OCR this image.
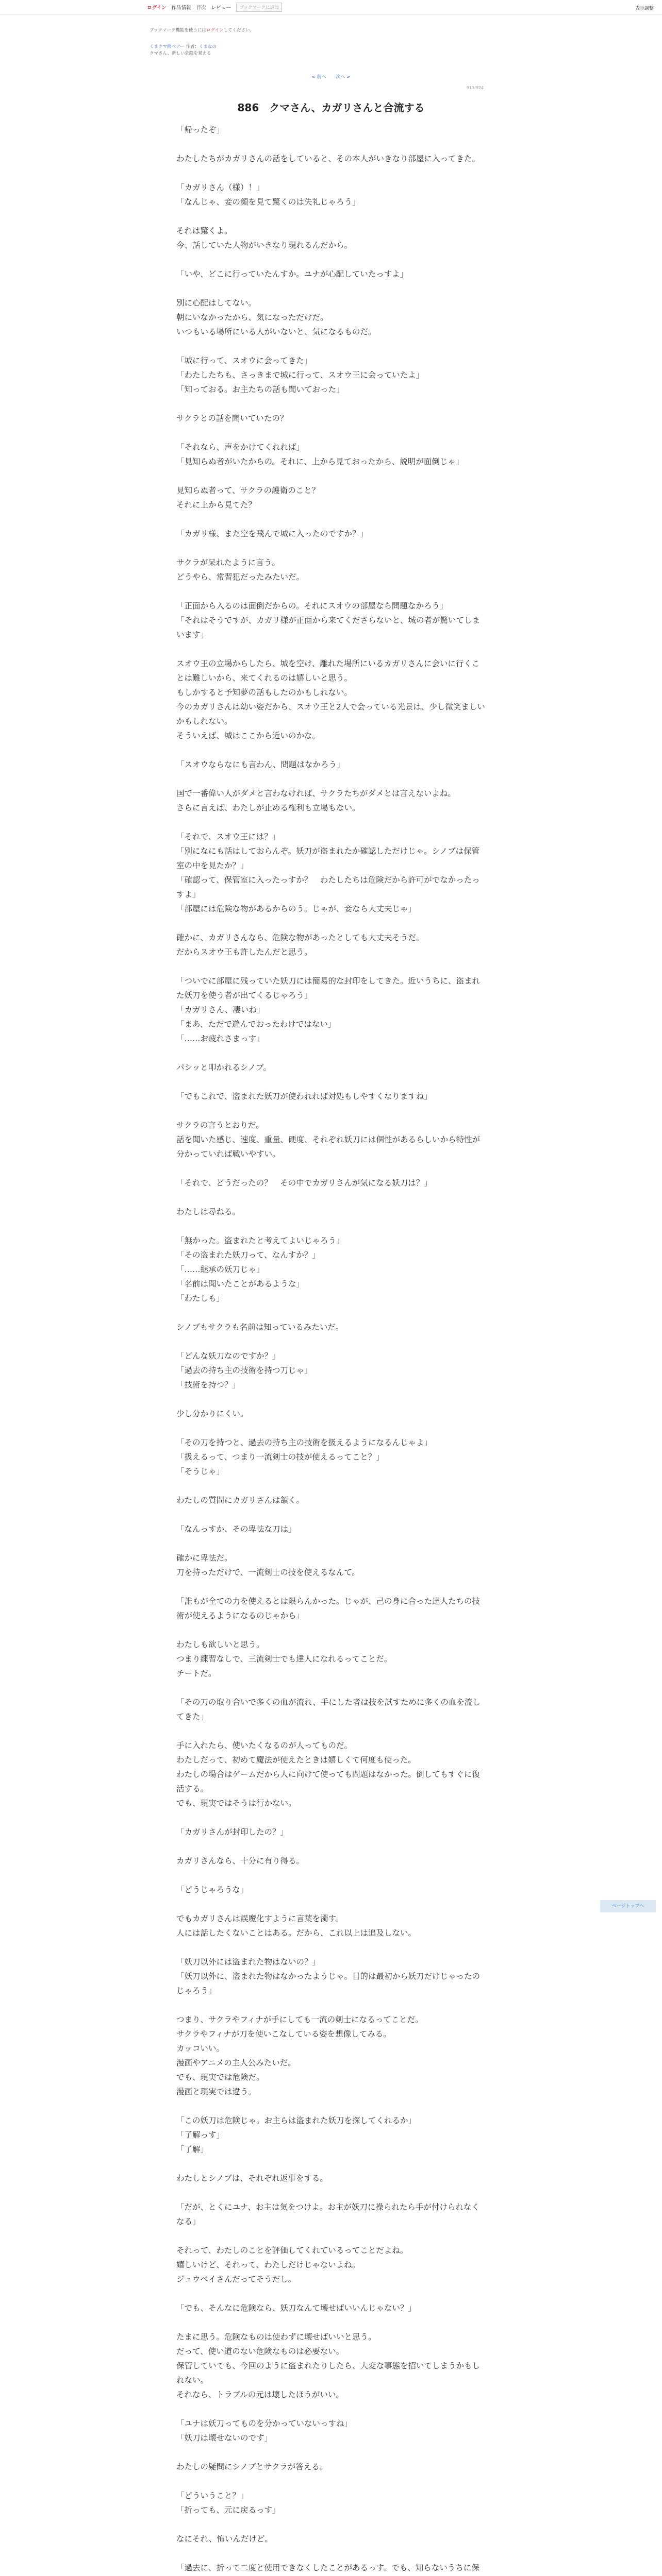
ログイン 作品情報 目次 レビュー	ブックマークに追加	表示調整
ブックマーク機能を使うにはログインしてください。
くまクマ熊ベアー 作者：くまなの
クマさん、新しい危険を覚える
< 前へ 次へ >
913/924
886　クマさん、カガリさんと合流する

「帰ったぞ」

わたしたちがカガリさんの話をしていると、その本人がいきなり部屋に入ってきた。

「カガリさん（様）！」
「なんじゃ、妾の顔を見て驚くのは失礼じゃろう」

それは驚くよ。
今、話していた人物がいきなり現れるんだから。

「いや、どこに行っていたんすか。ユナが心配していたっすよ」

別に心配はしてない。
朝にいなかったから、気になっただけだ。
いつもいる場所にいる人がいないと、気になるものだ。

「城に行って、スオウに会ってきた」
「わたしたちも、さっきまで城に行って、スオウ王に会っていたよ」
「知っておる。お主たちの話も聞いておった」

サクラとの話を聞いていたの？

「それなら、声をかけてくれれば」
「見知らぬ者がいたからの。それに、上から見ておったから、説明が面倒じゃ」

見知らぬ者って、サクラの護衛のこと？
それに上から見てた？

「カガリ様、また空を飛んで城に入ったのですか？」

サクラが呆れたように言う。
どうやら、常習犯だったみたいだ。

「正面から入るのは面倒だからの。それにスオウの部屋なら問題なかろう」
「それはそうですが、カガリ様が正面から来てくださらないと、城の者が驚いてしまいます」

スオウ王の立場からしたら、城を空け、離れた場所にいるカガリさんに会いに行くことは難しいから、来てくれるのは嬉しいと思う。
もしかすると予知夢の話もしたのかもしれない。
今のカガリさんは幼い姿だから、スオウ王と2人で会っている光景は、少し微笑ましいかもしれない。
そういえば、城はここから近いのかな。

「スオウならなにも言わん、問題はなかろう」

国で一番偉い人がダメと言わなければ、サクラたちがダメとは言えないよね。
さらに言えば、わたしが止める権利も立場もない。

「それで、スオウ王には？」
「別になにも話はしておらんぞ。妖刀が盗まれたか確認しただけじゃ。シノブは保管室の中を見たか？」
「確認って、保管室に入ったっすか？　わたしたちは危険だから許可がでなかったっすよ」
「部屋には危険な物があるからのう。じゃが、妾なら大丈夫じゃ」

確かに、カガリさんなら、危険な物があったとしても大丈夫そうだ。
だからスオウ王も許したんだと思う。

「ついでに部屋に残っていた妖刀には簡易的な封印をしてきた。近いうちに、盗まれた妖刀を使う者が出てくるじゃろう」
「カガリさん、凄いね」
「まあ、ただで遊んでおったわけではない」
「……お疲れさまっす」

パシッと叩かれるシノブ。

「でもこれで、盗まれた妖刀が使われれば対処もしやすくなりますね」

サクラの言うとおりだ。
話を聞いた感じ、速度、重量、硬度、それぞれ妖刀には個性があるらしいから特性が分かっていれば戦いやすい。

「それで、どうだったの？　その中でカガリさんが気になる妖刀は？」

わたしは尋ねる。

「無かった。盗まれたと考えてよいじゃろう」
「その盗まれた妖刀って、なんすか？」
「……継承の妖刀じゃ」
「名前は聞いたことがあるような」
「わたしも」

シノブもサクラも名前は知っているみたいだ。

「どんな妖刀なのですか？」
「過去の持ち主の技術を持つ刀じゃ」
「技術を持つ？」

少し分かりにくい。

「その刀を持つと、過去の持ち主の技術を扱えるようになるんじゃよ」
「扱えるって、つまり一流剣士の技が使えるってこと？」
「そうじゃ」

わたしの質問にカガリさんは頷く。

「なんっすか、その卑怯な刀は」

確かに卑怯だ。
刀を持っただけで、一流剣士の技を使えるなんて。

「誰もが全ての力を使えるとは限らんかった。じゃが、己の身に合った達人たちの技術が使えるようになるのじゃから」

わたしも欲しいと思う。
つまり練習なしで、三流剣士でも達人になれるってことだ。
チートだ。

「その刀の取り合いで多くの血が流れ、手にした者は技を試すために多くの血を流してきた」

手に入れたら、使いたくなるのが人ってものだ。
わたしだって、初めて魔法が使えたときは嬉しくて何度も使った。
わたしの場合はゲームだから人に向けて使っても問題はなかった。倒してもすぐに復活する。
でも、現実ではそうは行かない。

「カガリさんが封印したの？」

カガリさんなら、十分に有り得る。

「どうじゃろうな」

でもカガリさんは誤魔化すように言葉を濁す。
人には話したくないことはある。だから、これ以上は追及しない。

「妖刀以外には盗まれた物はないの？」
「妖刀以外に、盗まれた物はなかったようじゃ。目的は最初から妖刀だけじゃったのじゃろう」

つまり、サクラやフィナが手にしても一流の剣士になるってことだ。
サクラやフィナが刀を使いこなしている姿を想像してみる。
カッコいい。
漫画やアニメの主人公みたいだ。
でも、現実では危険だ。
漫画と現実では違う。

「この妖刀は危険じゃ。お主らは盗まれた妖刀を探してくれるか」
「了解っす」
「了解」

わたしとシノブは、それぞれ返事をする。

「だが、とくにユナ、お主は気をつけよ。お主が妖刀に操られたら手が付けられなくなる」

それって、わたしのことを評価してくれているってことだよね。
嬉しいけど、それって、わたしだけじゃないよね。
ジュウベイさんだってそうだし。

「でも、そんなに危険なら、妖刀なんて壊せばいいんじゃない？」

たまに思う。危険なものは使わずに壊せばいいと思う。
だって、使い道のない危険なものは必要ない。
保管していても、今回のように盗まれたりしたら、大変な事態を招いてしまうかもしれない。
それなら、トラブルの元は壊したほうがいい。

「ユナは妖刀ってものを分かっていないっすね」
「妖刀は壊せないのです」

わたしの疑問にシノブとサクラが答える。

「どういうこと？」
「折っても、元に戻るっす」

なにそれ、怖いんだけど。

「過去に、折って二度と使用できなくしたことがあるっす。でも、知らないうちに保

ページトップへ
